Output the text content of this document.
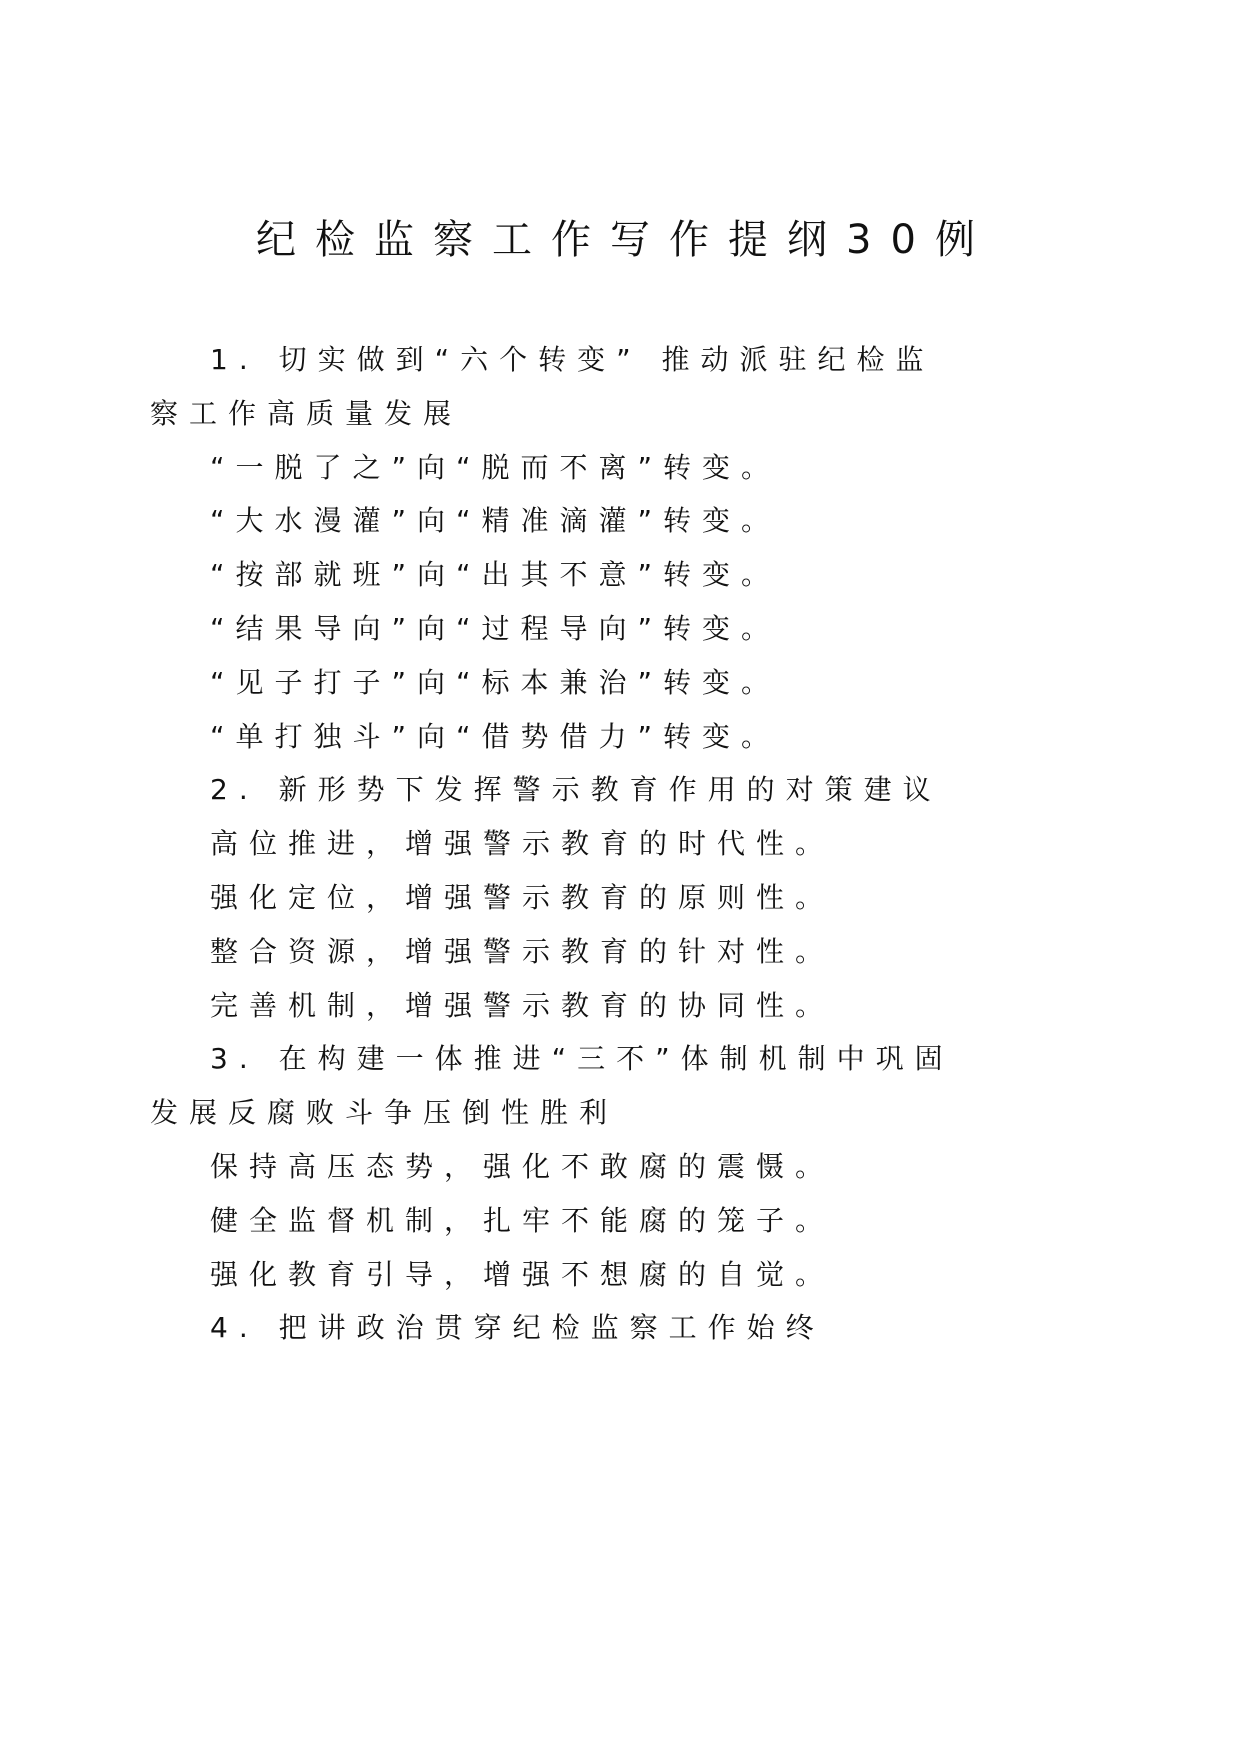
纪检监察工作写作提纲30例
1. 切实做到“六个转变” 推动派驻纪检监
察工作高质量发展
“一脱了之”向“脱而不离”转变。
“大水漫灌”向“精准滴灌”转变。
“按部就班”向“出其不意”转变。
“结果导向”向“过程导向”转变。
“见子打子”向“标本兼治”转变。
“单打独斗”向“借势借力”转变。
2. 新形势下发挥警示教育作用的对策建议
高位推进，增强警示教育的时代性。
强化定位，增强警示教育的原则性。
整合资源，增强警示教育的针对性。
完善机制，增强警示教育的协同性。
3. 在构建一体推进“三不”体制机制中巩固
发展反腐败斗争压倒性胜利
保持高压态势，强化不敢腐的震慑。
健全监督机制，扎牢不能腐的笼子。
强化教育引导，增强不想腐的自觉。
4. 把讲政治贯穿纪检监察工作始终
